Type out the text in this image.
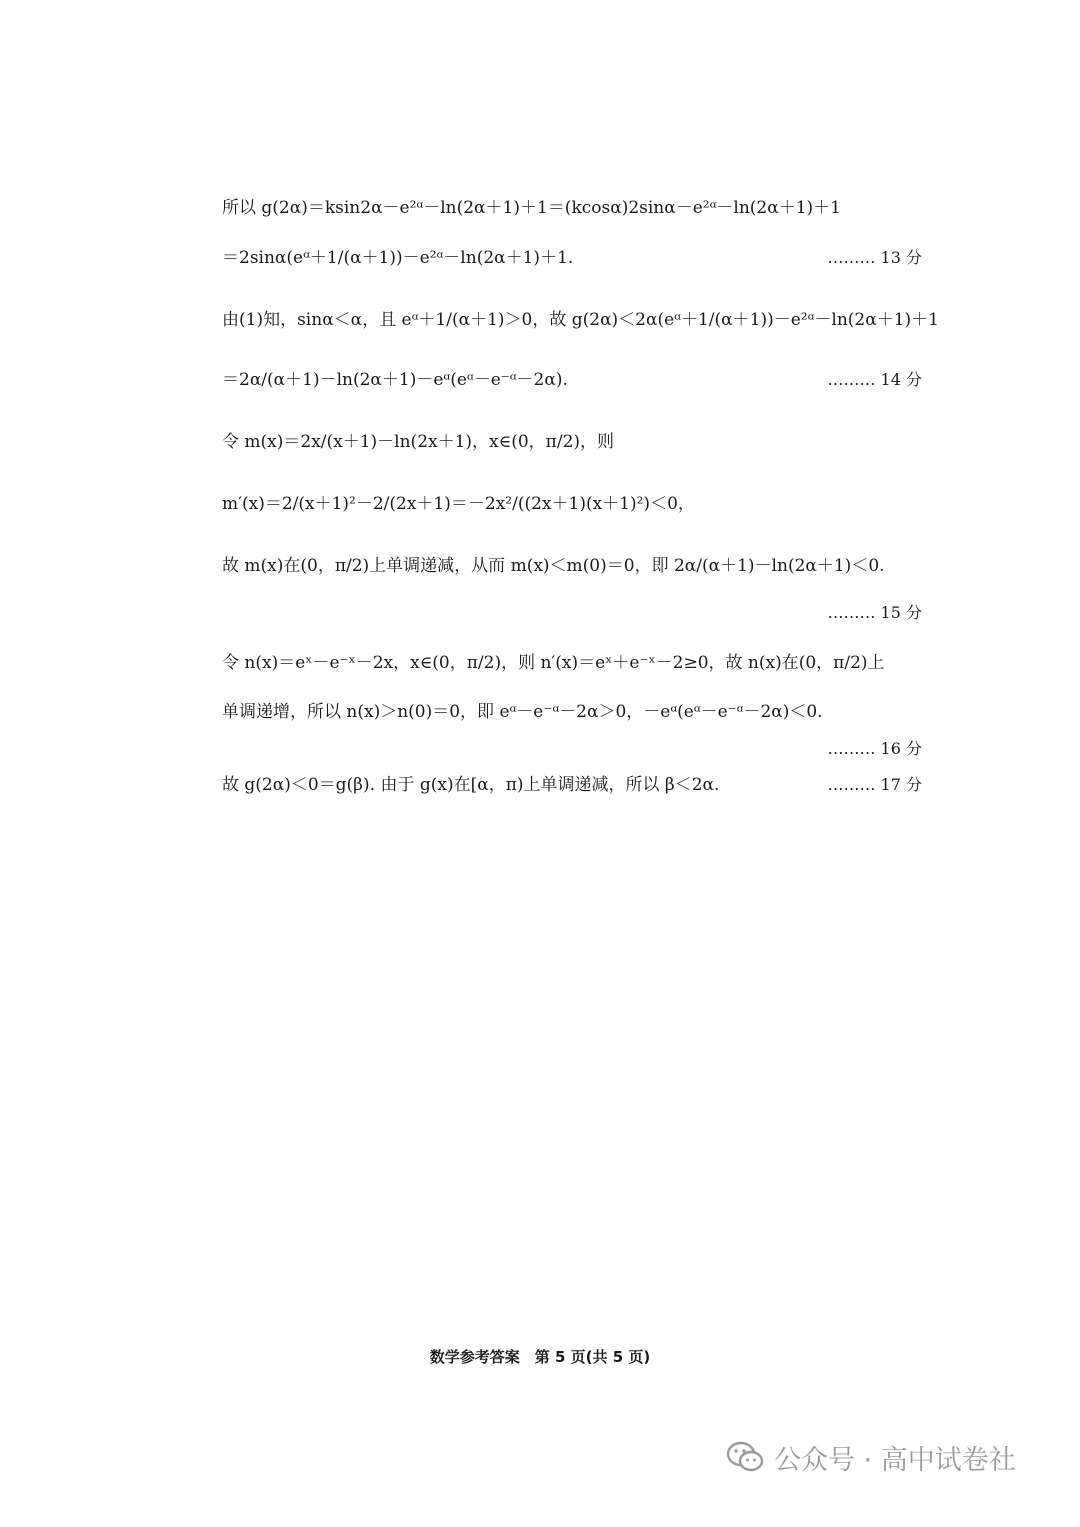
所以 g(2α)＝ksin2α－e²ᵅ－ln(2α＋1)＋1＝(kcosα)2sinα－e²ᵅ－ln(2α＋1)＋1
＝2sinα(eᵅ＋1/(α＋1))－e²ᵅ－ln(2α＋1)＋1.	……… 13 分
由(1)知，sinα＜α，且 eᵅ＋1/(α＋1)＞0，故 g(2α)＜2α(eᵅ＋1/(α＋1))－e²ᵅ－ln(2α＋1)＋1
＝2α/(α＋1)－ln(2α＋1)－eᵅ(eᵅ－e⁻ᵅ－2α).	……… 14 分
令 m(x)＝2x/(x＋1)－ln(2x＋1)，x∈(0，π/2)，则
m′(x)＝2/(x＋1)²－2/(2x＋1)＝－2x²/((2x＋1)(x＋1)²)＜0，
故 m(x)在(0，π/2)上单调递减，从而 m(x)＜m(0)＝0，即 2α/(α＋1)－ln(2α＋1)＜0.
……… 15 分
令 n(x)＝eˣ－e⁻ˣ－2x，x∈(0，π/2)，则 n′(x)＝eˣ＋e⁻ˣ－2≥0，故 n(x)在(0，π/2)上
单调递增，所以 n(x)＞n(0)＝0，即 eᵅ－e⁻ᵅ－2α＞0，－eᵅ(eᵅ－e⁻ᵅ－2α)＜0.
……… 16 分
故 g(2α)＜0＝g(β). 由于 g(x)在[α，π)上单调递减，所以 β＜2α.	……… 17 分
数学参考答案　第 5 页(共 5 页)
公众号 · 高中试卷社
